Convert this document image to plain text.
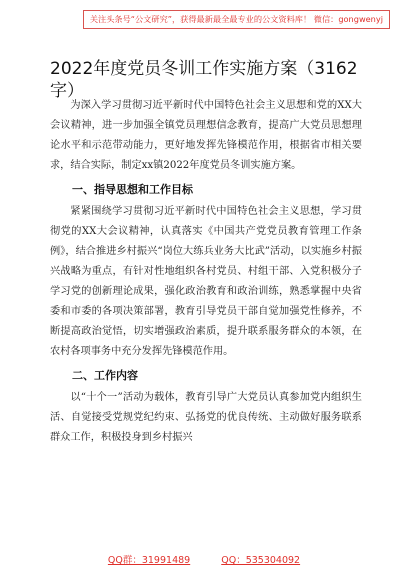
关注头条号“公文研究”，获得最新最全最专业的公文资料库！ 微信：gongwenyj
2022年度党员冬训工作实施方案（3162字）

为深入学习贯彻习近平新时代中国特色社会主义思想和党的XX大会议精神，进一步加强全镇党员理想信念教育，提高广大党员思想理论水平和示范带动能力，更好地发挥先锋模范作用，根据省市相关要求，结合实际，制定xx镇2022年度党员冬训实施方案。

一、指导思想和工作目标

紧紧围绕学习贯彻习近平新时代中国特色社会主义思想，学习贯彻党的XX大会议精神，认真落实《中国共产党党员教育管理工作条例》，结合推进乡村振兴“岗位大练兵业务大比武”活动，以实施乡村振兴战略为重点，有针对性地组织各村党员、村组干部、入党积极分子学习党的创新理论成果，强化政治教育和政治训练，熟悉掌握中央省委和市委的各项决策部署，教育引导党员干部自觉加强党性修养，不断提高政治觉悟，切实增强政治素质，提升联系服务群众的本领，在农村各项事务中充分发挥先锋模范作用。

二、工作内容

以“十个一”活动为载体，教育引导广大党员认真参加党内组织生活、自觉接受党规党纪约束、弘扬党的优良传统、主动做好服务联系群众工作，积极投身到乡村振兴

QQ群：31991489	QQ：535304092
